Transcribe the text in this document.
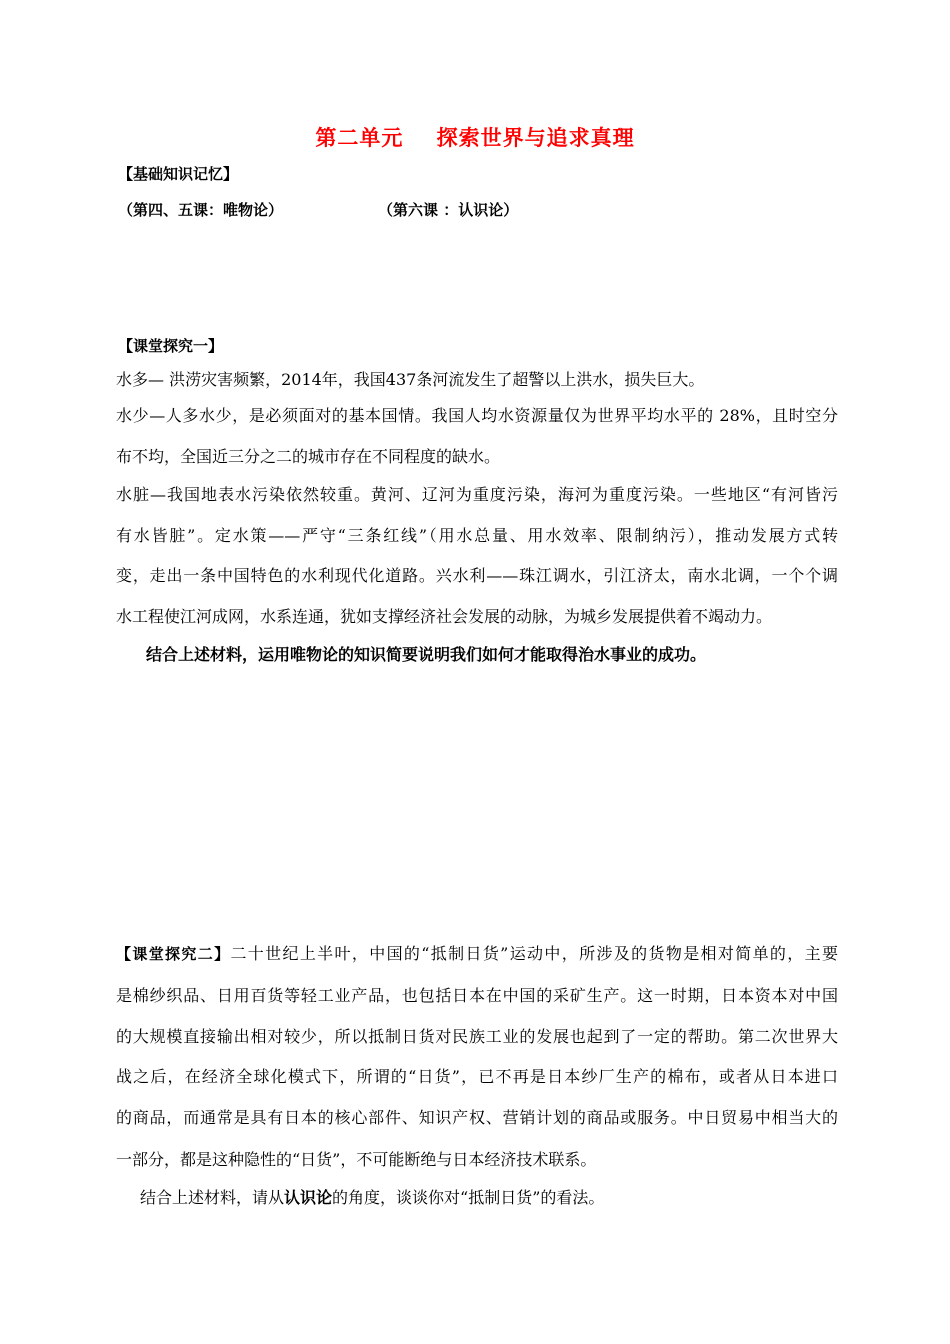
第二单元    探索世界与追求真理
【基础知识记忆】
（第四、五课：唯物论）	（第六课 ：认识论）
【课堂探究一】
水多— 洪涝灾害频繁，2014年，我国437条河流发生了超警以上洪水，损失巨大。
水少—人多水少，是必须面对的基本国情。我国人均水资源量仅为世界平均水平的 28%，且时空分
布不均，全国近三分之二的城市存在不同程度的缺水。
水脏—我国地表水污染依然较重。黄河、辽河为重度污染，海河为重度污染。一些地区“有河皆污
有水皆脏”。定水策——严守“三条红线”（用水总量、用水效率、限制纳污），推动发展方式转
变，走出一条中国特色的水利现代化道路。兴水利——珠江调水，引江济太，南水北调，一个个调
水工程使江河成网，水系连通，犹如支撑经济社会发展的动脉，为城乡发展提供着不竭动力。
结合上述材料，运用唯物论的知识简要说明我们如何才能取得治水事业的成功。
【课堂探究二】二十世纪上半叶，中国的“抵制日货”运动中，所涉及的货物是相对简单的，主要
是棉纱织品、日用百货等轻工业产品，也包括日本在中国的采矿生产。这一时期，日本资本对中国
的大规模直接输出相对较少，所以抵制日货对民族工业的发展也起到了一定的帮助。第二次世界大
战之后，在经济全球化模式下，所谓的“日货”，已不再是日本纱厂生产的棉布，或者从日本进口
的商品，而通常是具有日本的核心部件、知识产权、营销计划的商品或服务。中日贸易中相当大的
一部分，都是这种隐性的“日货”，不可能断绝与日本经济技术联系。
结合上述材料，请从认识论的角度，谈谈你对“抵制日货”的看法。
